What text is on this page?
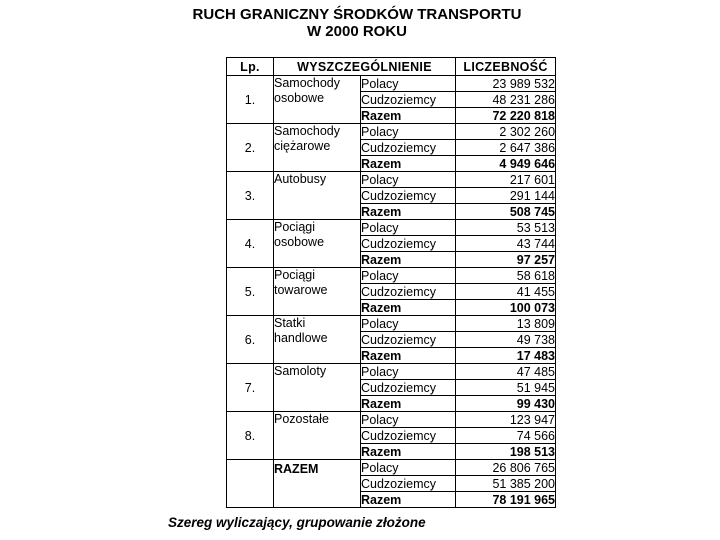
RUCH GRANICZNY ŚRODKÓW TRANSPORTU
W 2000 ROKU
Lp.	WYSZCZEGÓLNIENIE		LICZEBNOŚĆ
1.	Samochody osobowe	Polacy	23 989 532
		Cudzoziemcy	48 231 286
		Razem	72 220 818
2.	Samochody ciężarowe	Polacy	2 302 260
		Cudzoziemcy	2 647 386
		Razem	4 949 646
3.	Autobusy	Polacy	217 601
		Cudzoziemcy	291 144
		Razem	508 745
4.	Pociągi osobowe	Polacy	53 513
		Cudzoziemcy	43 744
		Razem	97 257
5.	Pociągi towarowe	Polacy	58 618
		Cudzoziemcy	41 455
		Razem	100 073
6.	Statki handlowe	Polacy	13 809
		Cudzoziemcy	49 738
		Razem	17 483
7.	Samoloty	Polacy	47 485
		Cudzoziemcy	51 945
		Razem	99 430
8.	Pozostałe	Polacy	123 947
		Cudzoziemcy	74 566
		Razem	198 513
	RAZEM	Polacy	26 806 765
		Cudzoziemcy	51 385 200
		Razem	78 191 965
Szereg wyliczający, grupowanie złożone
